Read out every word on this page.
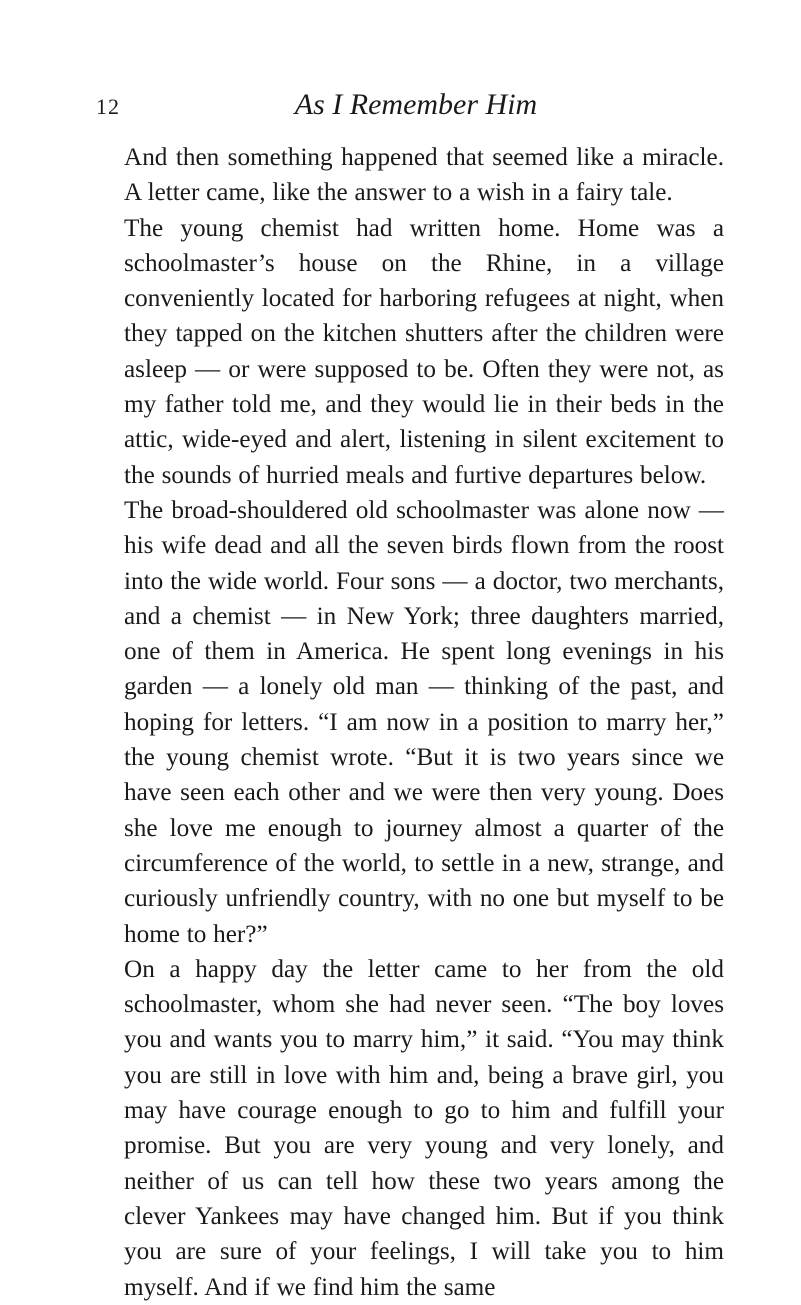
12	As I Remember Him

And then something happened that seemed like a miracle. A letter came, like the answer to a wish in a fairy tale.

The young chemist had written home. Home was a schoolmaster’s house on the Rhine, in a village conveniently located for harboring refugees at night, when they tapped on the kitchen shutters after the children were asleep — or were supposed to be. Often they were not, as my father told me, and they would lie in their beds in the attic, wide-eyed and alert, listening in silent excitement to the sounds of hurried meals and furtive departures below.

The broad-shouldered old schoolmaster was alone now — his wife dead and all the seven birds flown from the roost into the wide world. Four sons — a doctor, two merchants, and a chemist — in New York; three daughters married, one of them in America. He spent long evenings in his garden — a lonely old man — thinking of the past, and hoping for letters. “I am now in a position to marry her,” the young chemist wrote. “But it is two years since we have seen each other and we were then very young. Does she love me enough to journey almost a quarter of the circumference of the world, to settle in a new, strange, and curiously unfriendly country, with no one but myself to be home to her?”

On a happy day the letter came to her from the old schoolmaster, whom she had never seen. “The boy loves you and wants you to marry him,” it said. “You may think you are still in love with him and, being a brave girl, you may have courage enough to go to him and fulfill your promise. But you are very young and very lonely, and neither of us can tell how these two years among the clever Yankees may have changed him. But if you think you are sure of your feelings, I will take you to him myself. And if we find him the same
